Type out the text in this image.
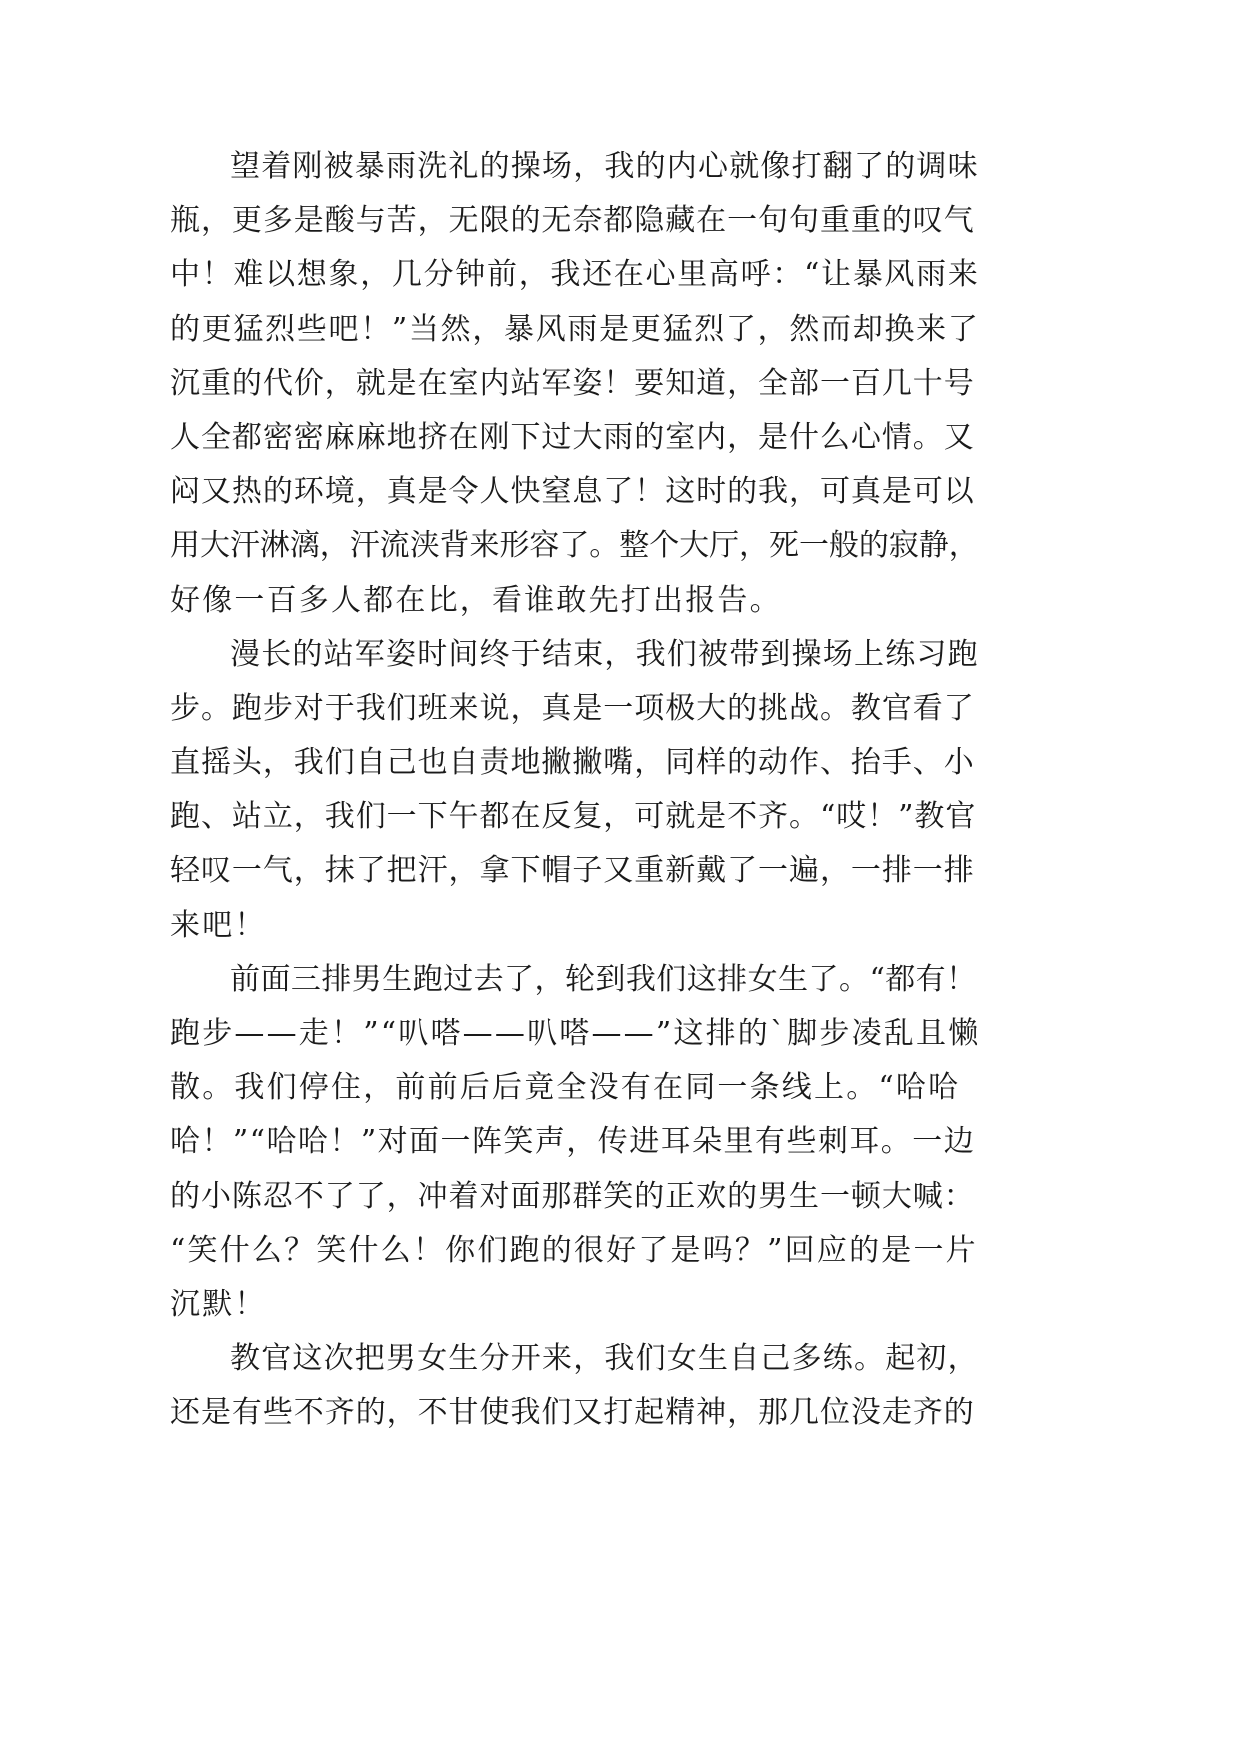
望着刚被暴雨洗礼的操场，我的内心就像打翻了的调味
瓶，更多是酸与苦，无限的无奈都隐藏在一句句重重的叹气
中！难以想象，几分钟前，我还在心里高呼：“让暴风雨来
的更猛烈些吧！”当然，暴风雨是更猛烈了，然而却换来了
沉重的代价，就是在室内站军姿！要知道，全部一百几十号
人全都密密麻麻地挤在刚下过大雨的室内，是什么心情。又
闷又热的环境，真是令人快窒息了！这时的我，可真是可以
用大汗淋漓，汗流浃背来形容了。整个大厅，死一般的寂静，
好像一百多人都在比，看谁敢先打出报告。
漫长的站军姿时间终于结束，我们被带到操场上练习跑
步。跑步对于我们班来说，真是一项极大的挑战。教官看了
直摇头，我们自己也自责地撇撇嘴，同样的动作、抬手、小
跑、站立，我们一下午都在反复，可就是不齐。“哎！”教官
轻叹一气，抹了把汗，拿下帽子又重新戴了一遍，一排一排
来吧！
前面三排男生跑过去了，轮到我们这排女生了。“都有！
跑步——走！”“叭嗒——叭嗒——”这排的`脚步凌乱且懒
散。我们停住，前前后后竟全没有在同一条线上。“哈哈
哈！”“哈哈！”对面一阵笑声，传进耳朵里有些刺耳。一边
的小陈忍不了了，冲着对面那群笑的正欢的男生一顿大喊：
“笑什么？笑什么！你们跑的很好了是吗？”回应的是一片
沉默！
教官这次把男女生分开来，我们女生自己多练。起初，
还是有些不齐的，不甘使我们又打起精神，那几位没走齐的
